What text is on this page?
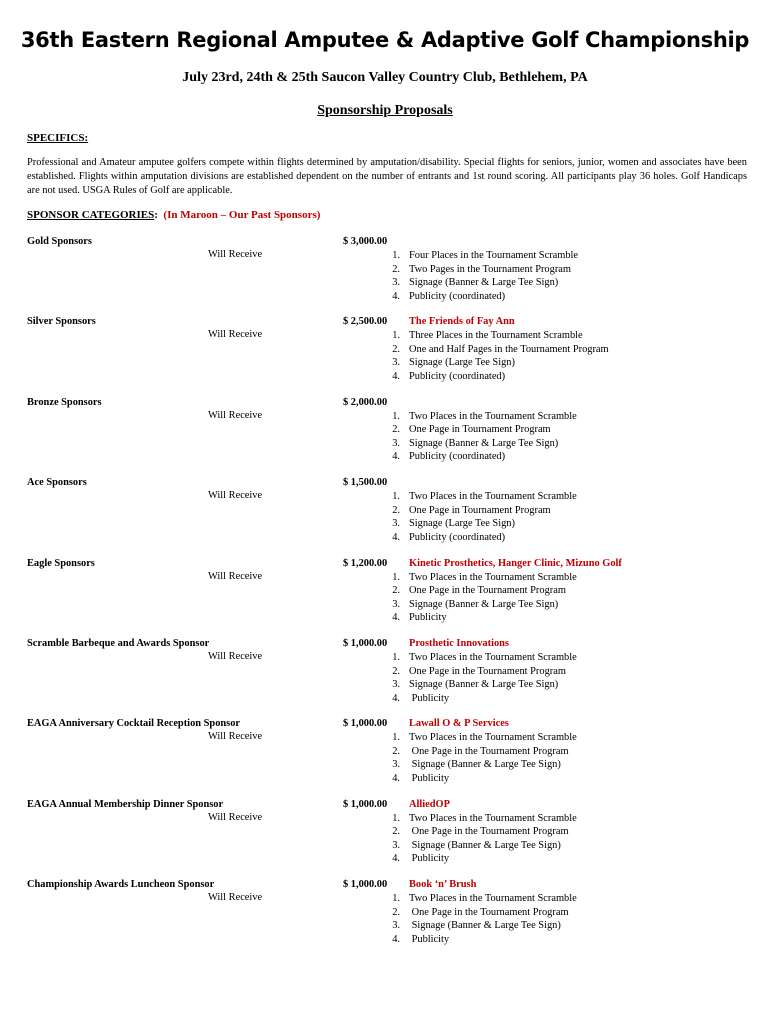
36th Eastern Regional Amputee & Adaptive Golf Championship
July 23rd, 24th & 25th Saucon Valley Country Club, Bethlehem, PA
Sponsorship Proposals
SPECIFICS:
Professional and Amateur amputee golfers compete within flights determined by amputation/disability. Special flights for seniors, junior, women and associates have been established. Flights within amputation divisions are established dependent on the number of entrants and 1st round scoring. All participants play 36 holes. Golf Handicaps are not used. USGA Rules of Golf are applicable.
SPONSOR CATEGORIES:  (In Maroon – Our Past Sponsors)
Gold Sponsors
Will Receive
$ 3,000.00
1. Four Places in the Tournament Scramble
2. Two Pages in the Tournament Program
3. Signage (Banner & Large Tee Sign)
4. Publicity (coordinated)
Silver Sponsors
Will Receive
$ 2,500.00 The Friends of Fay Ann
1. Three Places in the Tournament Scramble
2. One and Half Pages in the Tournament Program
3. Signage (Large Tee Sign)
4. Publicity (coordinated)
Bronze Sponsors
Will Receive
$ 2,000.00
1. Two Places in the Tournament Scramble
2. One Page in Tournament Program
3. Signage (Banner & Large Tee Sign)
4. Publicity (coordinated)
Ace Sponsors
Will Receive
$ 1,500.00
1. Two Places in the Tournament Scramble
2. One Page in Tournament Program
3. Signage (Large Tee Sign)
4. Publicity (coordinated)
Eagle Sponsors
Will Receive
$ 1,200.00 Kinetic Prosthetics, Hanger Clinic, Mizuno Golf
1. Two Places in the Tournament Scramble
2. One Page in the Tournament Program
3. Signage (Banner & Large Tee Sign)
4. Publicity
Scramble Barbeque and Awards Sponsor
Will Receive
$ 1,000.00 Prosthetic Innovations
1. Two Places in the Tournament Scramble
2. One Page in the Tournament Program
3. Signage (Banner & Large Tee Sign)
4. Publicity
EAGA Anniversary Cocktail Reception Sponsor
Will Receive
$ 1,000.00 Lawall O & P Services
1. Two Places in the Tournament Scramble
2. One Page in the Tournament Program
3. Signage (Banner & Large Tee Sign)
4. Publicity
EAGA Annual Membership Dinner Sponsor
Will Receive
$ 1,000.00 AlliedOP
1. Two Places in the Tournament Scramble
2. One Page in the Tournament Program
3. Signage (Banner & Large Tee Sign)
4. Publicity
Championship Awards Luncheon Sponsor
Will Receive
$ 1,000.00 Book ‘n’ Brush
1. Two Places in the Tournament Scramble
2. One Page in the Tournament Program
3. Signage (Banner & Large Tee Sign)
4. Publicity
